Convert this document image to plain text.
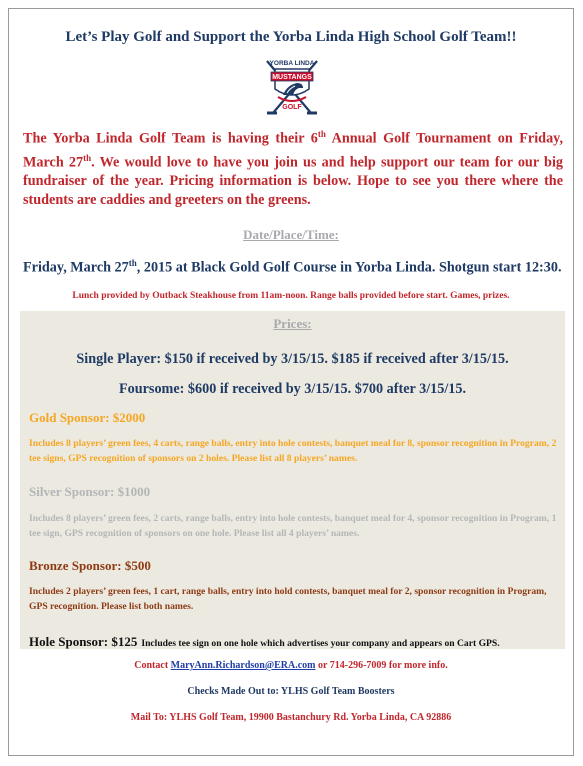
Let’s Play Golf and Support the Yorba Linda High School Golf Team!!
YORBA LINDA
MUSTANGS
GOLF
The Yorba Linda Golf Team is having their 6th Annual Golf Tournament on Friday, March 27th. We would love to have you join us and help support our team for our big fundraiser of the year. Pricing information is below. Hope to see you there where the students are caddies and greeters on the greens.
Date/Place/Time:
Friday, March 27th, 2015 at Black Gold Golf Course in Yorba Linda. Shotgun start 12:30.
Lunch provided by Outback Steakhouse from 11am-noon. Range balls provided before start. Games, prizes.
Prices:
Single Player: $150 if received by 3/15/15. $185 if received after 3/15/15.
Foursome: $600 if received by 3/15/15. $700 after 3/15/15.
Gold Sponsor: $2000
Includes 8 players’ green fees, 4 carts, range balls, entry into hole contests, banquet meal for 8, sponsor recognition in Program, 2 tee signs, GPS recognition of sponsors on 2 holes. Please list all 8 players’ names.
Silver Sponsor: $1000
Includes 8 players’ green fees, 2 carts, range balls, entry into hole contests, banquet meal for 4, sponsor recognition in Program, 1 tee sign, GPS recognition of sponsors on one hole. Please list all 4 players’ names.
Bronze Sponsor: $500
Includes 2 players’ green fees, 1 cart, range balls, entry into hold contests, banquet meal for 2, sponsor recognition in Program, GPS recognition. Please list both names.
Hole Sponsor: $125 Includes tee sign on one hole which advertises your company and appears on Cart GPS.
Contact MaryAnn.Richardson@ERA.com or 714-296-7009 for more info.
Checks Made Out to: YLHS Golf Team Boosters
Mail To: YLHS Golf Team, 19900 Bastanchury Rd. Yorba Linda, CA 92886
